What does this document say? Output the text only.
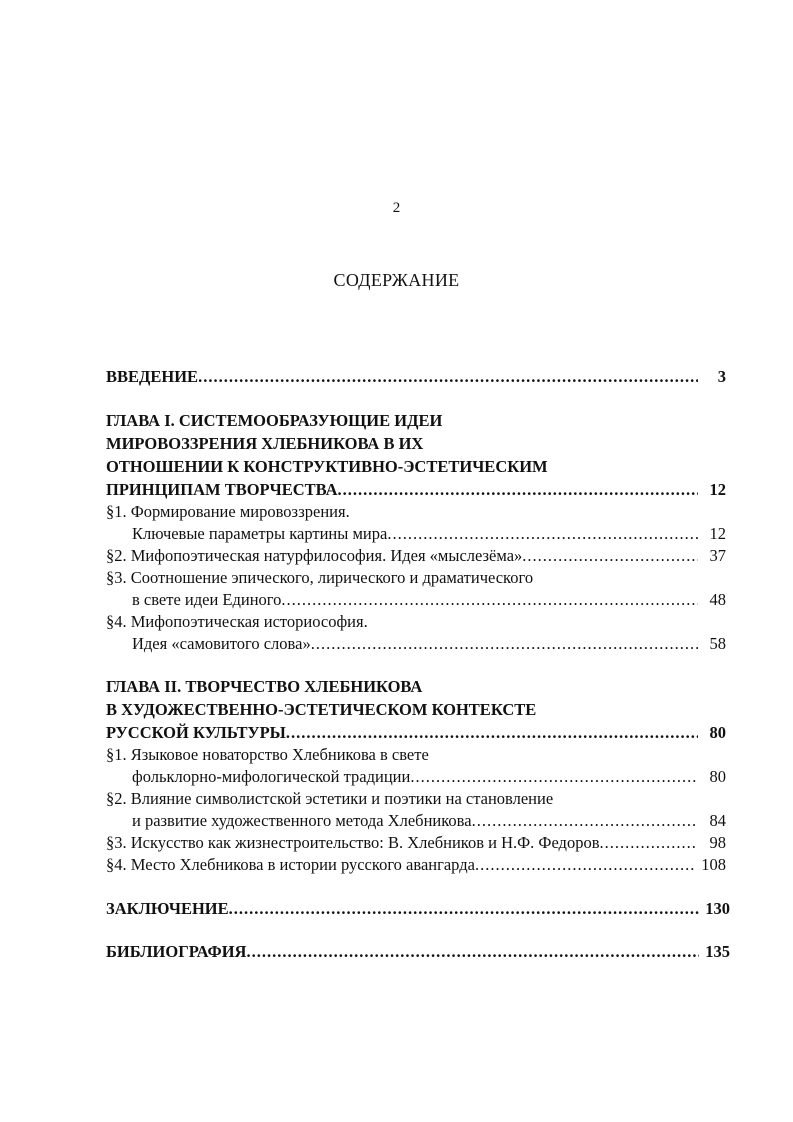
2
СОДЕРЖАНИЕ
ВВЕДЕНИЕ .....	3
ГЛАВА I. СИСТЕМООБРАЗУЮЩИЕ ИДЕИ
МИРОВОЗЗРЕНИЯ ХЛЕБНИКОВА В ИХ
ОТНОШЕНИИ К КОНСТРУКТИВНО-ЭСТЕТИЧЕСКИМ
ПРИНЦИПАМ ТВОРЧЕСТВА .....	12
§1. Формирование мировоззрения.
Ключевые параметры картины мира .....	12
§2. Мифопоэтическая натурфилософия. Идея «мыслезёма» .....	37
§3. Соотношение эпического, лирического и драматического
в свете идеи Единого .....	48
§4. Мифопоэтическая историософия.
Идея «самовитого слова» .....	58
ГЛАВА II. ТВОРЧЕСТВО ХЛЕБНИКОВА
В ХУДОЖЕСТВЕННО-ЭСТЕТИЧЕСКОМ КОНТЕКСТЕ
РУССКОЙ КУЛЬТУРЫ .....	80
§1. Языковое новаторство Хлебникова в свете
фольклорно-мифологической традиции .....	80
§2. Влияние символистской эстетики и поэтики на становление
и развитие художественного метода Хлебникова .....	84
§3. Искусство как жизнестроительство: В. Хлебников и Н.Ф. Федоров .....	98
§4. Место Хлебникова в истории русского авангарда .....	108
ЗАКЛЮЧЕНИЕ .....	130
БИБЛИОГРАФИЯ .....	135
